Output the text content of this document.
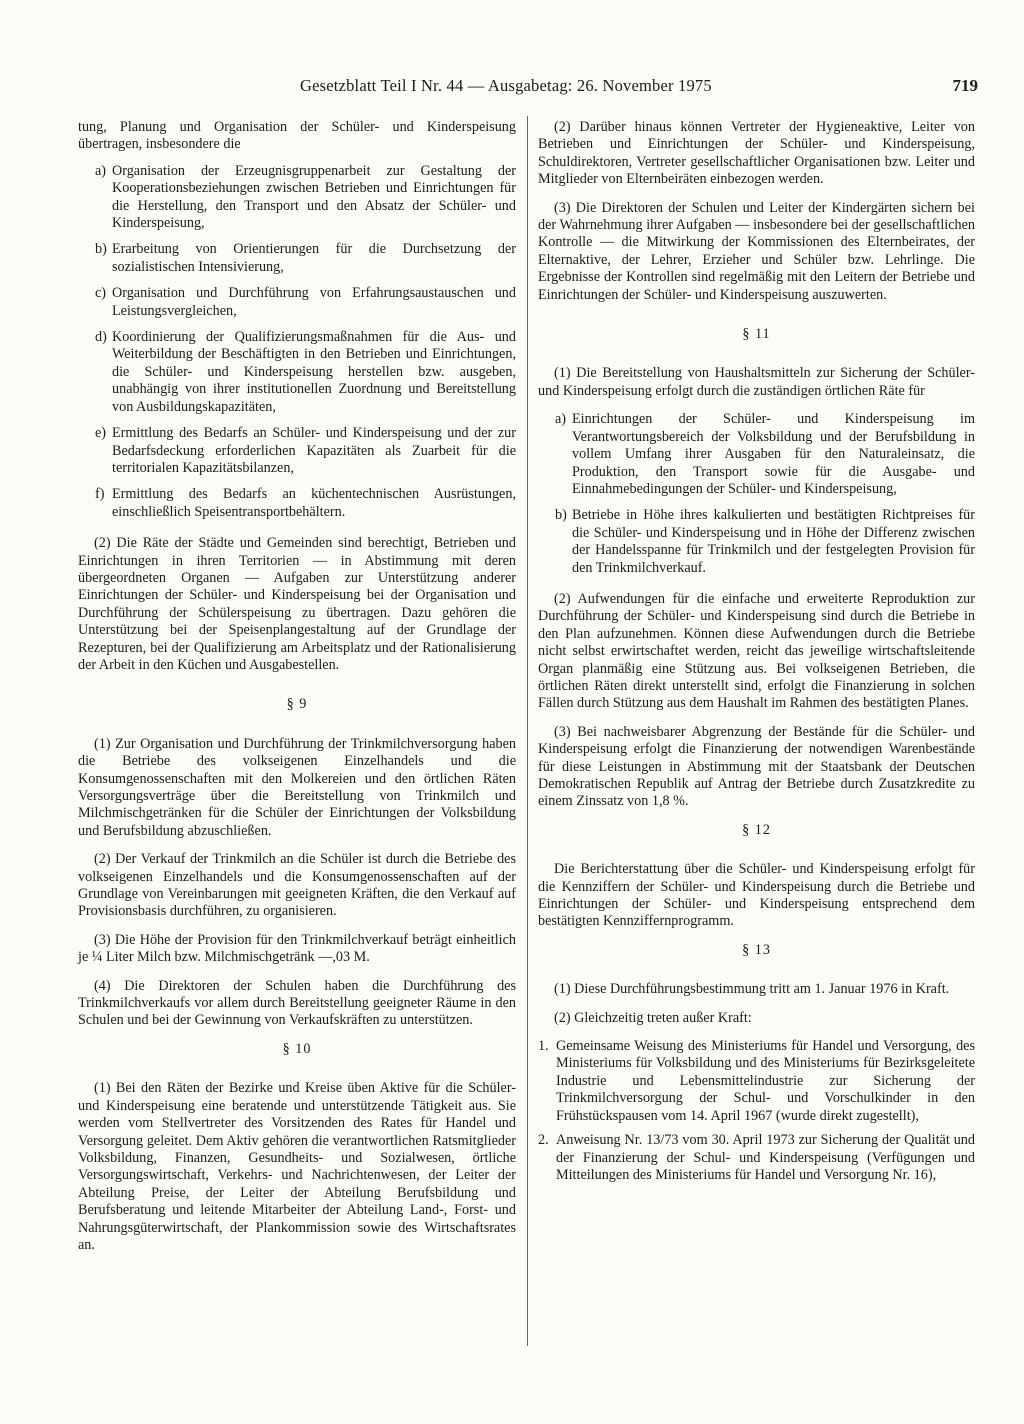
Gesetzblatt Teil I Nr. 44 — Ausgabetag: 26. November 1975	719

tung, Planung und Organisation der Schüler- und Kinderspeisung übertragen, insbesondere die

a) Organisation der Erzeugnisgruppenarbeit zur Gestaltung der Kooperationsbeziehungen zwischen Betrieben und Einrichtungen für die Herstellung, den Transport und den Absatz der Schüler- und Kinderspeisung,
b) Erarbeitung von Orientierungen für die Durchsetzung der sozialistischen Intensivierung,
c) Organisation und Durchführung von Erfahrungsaustauschen und Leistungsvergleichen,
d) Koordinierung der Qualifizierungsmaßnahmen für die Aus- und Weiterbildung der Beschäftigten in den Betrieben und Einrichtungen, die Schüler- und Kinderspeisung herstellen bzw. ausgeben, unabhängig von ihrer institutionellen Zuordnung und Bereitstellung von Ausbildungskapazitäten,
e) Ermittlung des Bedarfs an Schüler- und Kinderspeisung und der zur Bedarfsdeckung erforderlichen Kapazitäten als Zuarbeit für die territorialen Kapazitätsbilanzen,
f) Ermittlung des Bedarfs an küchentechnischen Ausrüstungen, einschließlich Speisentransportbehältern.

(2) Die Räte der Städte und Gemeinden sind berechtigt, Betrieben und Einrichtungen in ihren Territorien — in Abstimmung mit deren übergeordneten Organen — Aufgaben zur Unterstützung anderer Einrichtungen der Schüler- und Kinderspeisung bei der Organisation und Durchführung der Schülerspeisung zu übertragen. Dazu gehören die Unterstützung bei der Speisenplangestaltung auf der Grundlage der Rezepturen, bei der Qualifizierung am Arbeitsplatz und der Rationalisierung der Arbeit in den Küchen und Ausgabestellen.

§ 9

(1) Zur Organisation und Durchführung der Trinkmilchversorgung haben die Betriebe des volkseigenen Einzelhandels und die Konsumgenossenschaften mit den Molkereien und den örtlichen Räten Versorgungsverträge über die Bereitstellung von Trinkmilch und Milchmischgetränken für die Schüler der Einrichtungen der Volksbildung und Berufsbildung abzuschließen.

(2) Der Verkauf der Trinkmilch an die Schüler ist durch die Betriebe des volkseigenen Einzelhandels und die Konsumgenossenschaften auf der Grundlage von Vereinbarungen mit geeigneten Kräften, die den Verkauf auf Provisionsbasis durchführen, zu organisieren.

(3) Die Höhe der Provision für den Trinkmilchverkauf beträgt einheitlich je ¼ Liter Milch bzw. Milchmischgetränk —,03 M.

(4) Die Direktoren der Schulen haben die Durchführung des Trinkmilchverkaufs vor allem durch Bereitstellung geeigneter Räume in den Schulen und bei der Gewinnung von Verkaufskräften zu unterstützen.

§ 10

(1) Bei den Räten der Bezirke und Kreise üben Aktive für die Schüler- und Kinderspeisung eine beratende und unterstützende Tätigkeit aus. Sie werden vom Stellvertreter des Vorsitzenden des Rates für Handel und Versorgung geleitet. Dem Aktiv gehören die verantwortlichen Ratsmitglieder Volksbildung, Finanzen, Gesundheits- und Sozialwesen, örtliche Versorgungswirtschaft, Verkehrs- und Nachrichtenwesen, der Leiter der Abteilung Preise, der Leiter der Abteilung Berufsbildung und Berufsberatung und leitende Mitarbeiter der Abteilung Land-, Forst- und Nahrungsgüterwirtschaft, der Plankommission sowie des Wirtschaftsrates an.

(2) Darüber hinaus können Vertreter der Hygieneaktive, Leiter von Betrieben und Einrichtungen der Schüler- und Kinderspeisung, Schuldirektoren, Vertreter gesellschaftlicher Organisationen bzw. Leiter und Mitglieder von Elternbeiräten einbezogen werden.

(3) Die Direktoren der Schulen und Leiter der Kindergärten sichern bei der Wahrnehmung ihrer Aufgaben — insbesondere bei der gesellschaftlichen Kontrolle — die Mitwirkung der Kommissionen des Elternbeirates, der Elternaktive, der Lehrer, Erzieher und Schüler bzw. Lehrlinge. Die Ergebnisse der Kontrollen sind regelmäßig mit den Leitern der Betriebe und Einrichtungen der Schüler- und Kinderspeisung auszuwerten.

§ 11

(1) Die Bereitstellung von Haushaltsmitteln zur Sicherung der Schüler- und Kinderspeisung erfolgt durch die zuständigen örtlichen Räte für

a) Einrichtungen der Schüler- und Kinderspeisung im Verantwortungsbereich der Volksbildung und der Berufsbildung in vollem Umfang ihrer Ausgaben für den Naturaleinsatz, die Produktion, den Transport sowie für die Ausgabe- und Einnahmebedingungen der Schüler- und Kinderspeisung,
b) Betriebe in Höhe ihres kalkulierten und bestätigten Richtpreises für die Schüler- und Kinderspeisung und in Höhe der Differenz zwischen der Handelsspanne für Trinkmilch und der festgelegten Provision für den Trinkmilchverkauf.

(2) Aufwendungen für die einfache und erweiterte Reproduktion zur Durchführung der Schüler- und Kinderspeisung sind durch die Betriebe in den Plan aufzunehmen. Können diese Aufwendungen durch die Betriebe nicht selbst erwirtschaftet werden, reicht das jeweilige wirtschaftsleitende Organ planmäßig eine Stützung aus. Bei volkseigenen Betrieben, die örtlichen Räten direkt unterstellt sind, erfolgt die Finanzierung in solchen Fällen durch Stützung aus dem Haushalt im Rahmen des bestätigten Planes.

(3) Bei nachweisbarer Abgrenzung der Bestände für die Schüler- und Kinderspeisung erfolgt die Finanzierung der notwendigen Warenbestände für diese Leistungen in Abstimmung mit der Staatsbank der Deutschen Demokratischen Republik auf Antrag der Betriebe durch Zusatzkredite zu einem Zinssatz von 1,8 %.

§ 12

Die Berichterstattung über die Schüler- und Kinderspeisung erfolgt für die Kennziffern der Schüler- und Kinderspeisung durch die Betriebe und Einrichtungen der Schüler- und Kinderspeisung entsprechend dem bestätigten Kennziffernprogramm.

§ 13

(1) Diese Durchführungsbestimmung tritt am 1. Januar 1976 in Kraft.

(2) Gleichzeitig treten außer Kraft:

1. Gemeinsame Weisung des Ministeriums für Handel und Versorgung, des Ministeriums für Volksbildung und des Ministeriums für Bezirksgeleitete Industrie und Lebensmittelindustrie zur Sicherung der Trinkmilchversorgung der Schul- und Vorschulkinder in den Frühstückspausen vom 14. April 1967 (wurde direkt zugestellt),
2. Anweisung Nr. 13/73 vom 30. April 1973 zur Sicherung der Qualität und der Finanzierung der Schul- und Kinderspeisung (Verfügungen und Mitteilungen des Ministeriums für Handel und Versorgung Nr. 16),
